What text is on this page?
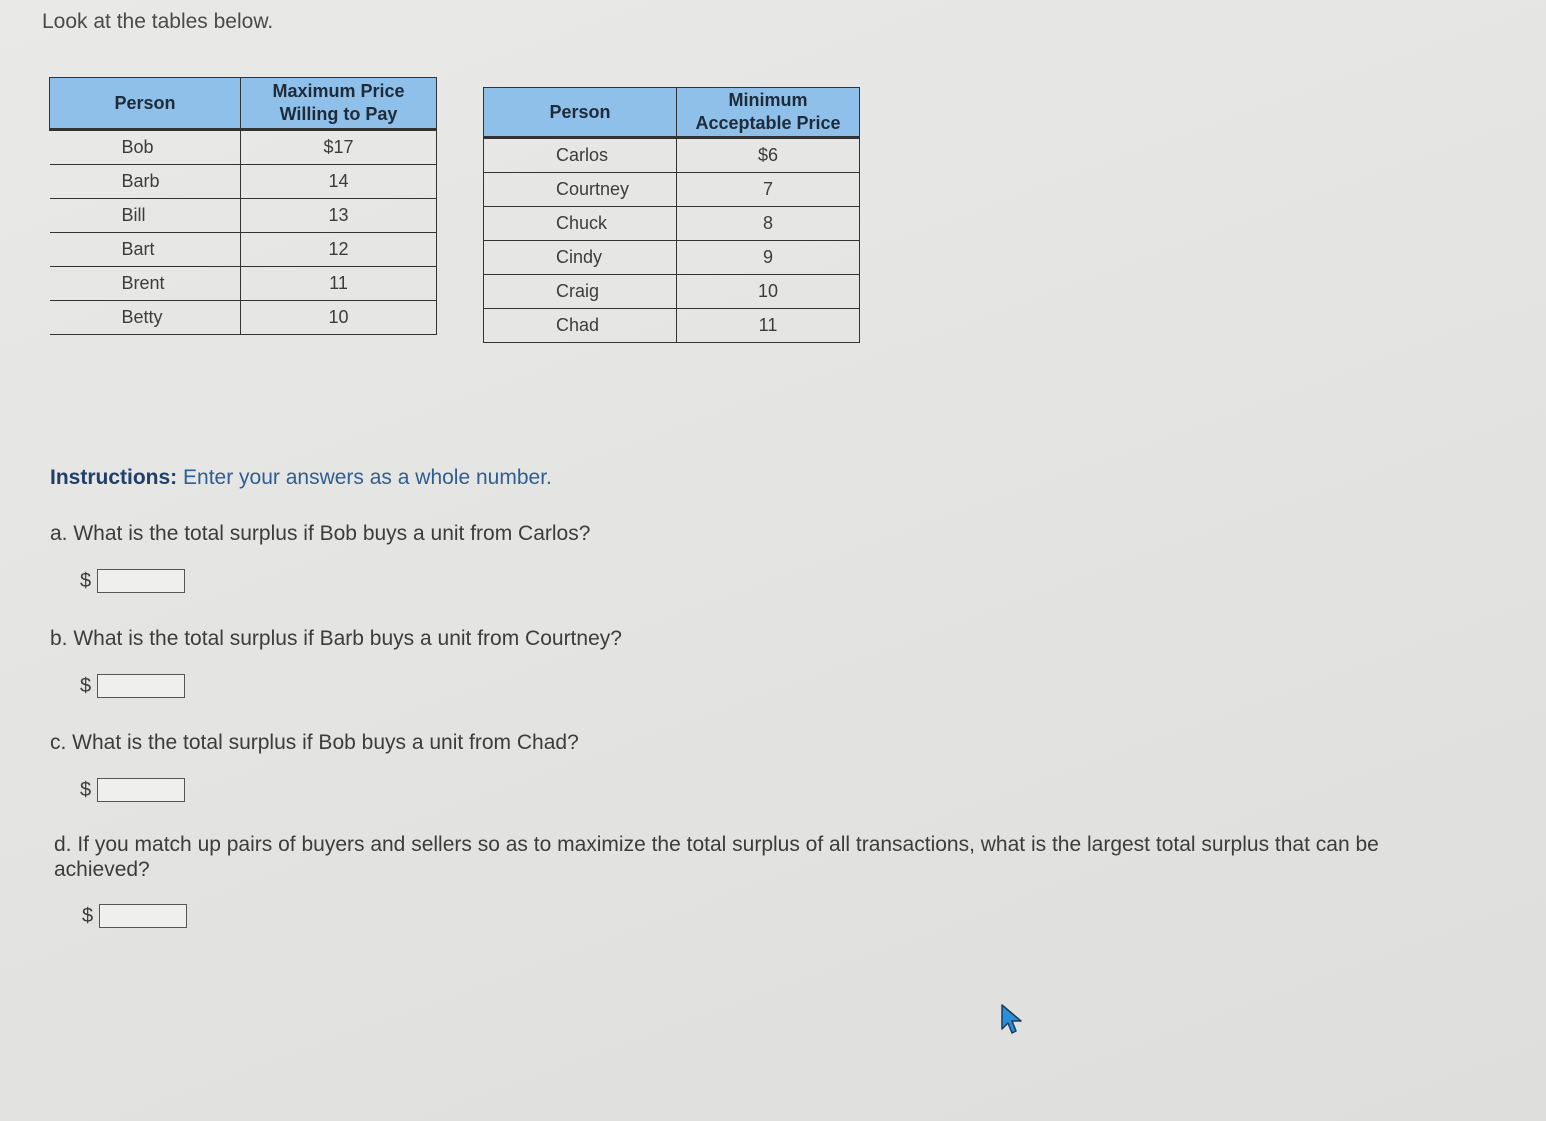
Look at the tables below.
Person	Maximum Price
Willing to Pay

Bob	$17
Barb	14
Bill	13
Bart	12
Brent	11
Betty	10
Person	Minimum
Acceptable Price

Carlos	$6
Courtney	7
Chuck	8
Cindy	9
Craig	10
Chad	11
Instructions: Enter your answers as a whole number.
a. What is the total surplus if Bob buys a unit from Carlos?
$
b. What is the total surplus if Barb buys a unit from Courtney?
$
c. What is the total surplus if Bob buys a unit from Chad?
$
d. If you match up pairs of buyers and sellers so as to maximize the total surplus of all transactions, what is the largest total surplus that can be achieved?
$
